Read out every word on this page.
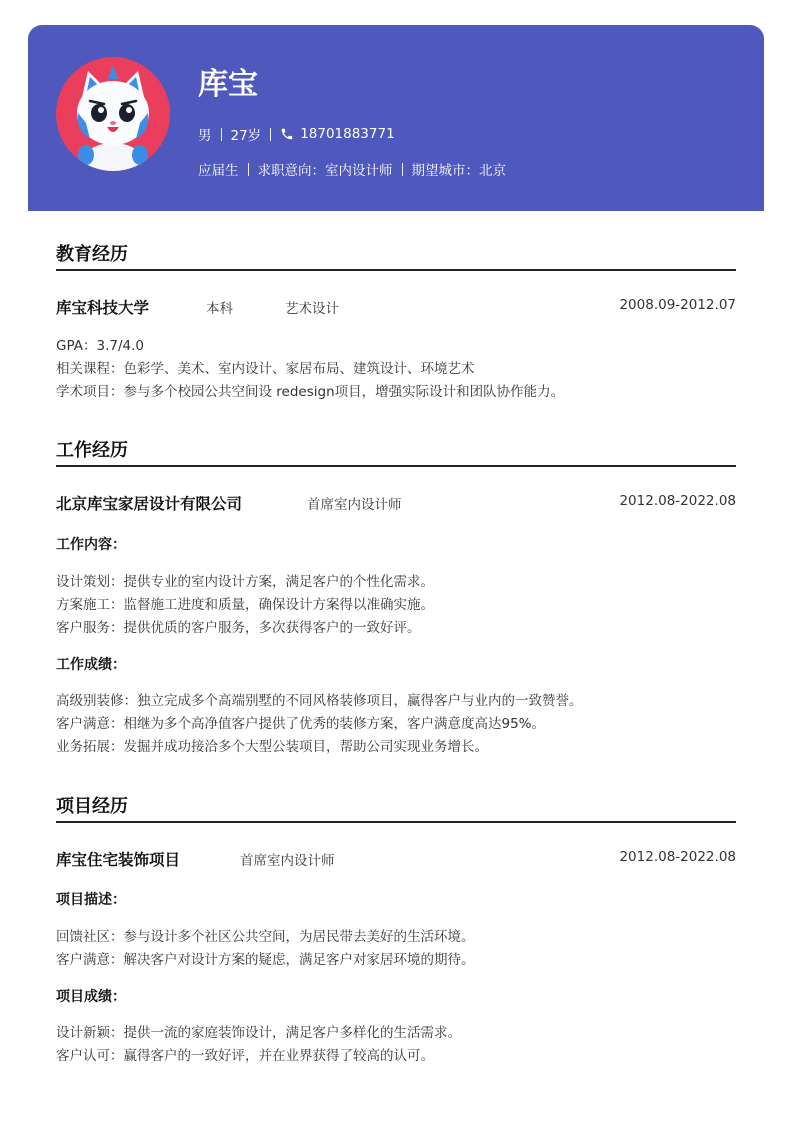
库宝
男 27岁	18701883771
应届生 求职意向：室内设计师 期望城市：北京
教育经历
库宝科技大学	本科	艺术设计	2008.09-2012.07
GPA：3.7/4.0
相关课程：色彩学、美术、室内设计、家居布局、建筑设计、环境艺术
学术项目：参与多个校园公共空间设 redesign项目，增强实际设计和团队协作能力。
工作经历
北京库宝家居设计有限公司	首席室内设计师	2012.08-2022.08
工作内容：
设计策划：提供专业的室内设计方案，满足客户的个性化需求。
方案施工：监督施工进度和质量，确保设计方案得以准确实施。
客户服务：提供优质的客户服务，多次获得客户的一致好评。
工作成绩：
高级别装修：独立完成多个高端别墅的不同风格装修项目，赢得客户与业内的一致赞誉。
客户满意：相继为多个高净值客户提供了优秀的装修方案，客户满意度高达95%。
业务拓展：发掘并成功接洽多个大型公装项目，帮助公司实现业务增长。
项目经历
库宝住宅装饰项目	首席室内设计师	2012.08-2022.08
项目描述：
回馈社区：参与设计多个社区公共空间，为居民带去美好的生活环境。
客户满意：解决客户对设计方案的疑虑，满足客户对家居环境的期待。
项目成绩：
设计新颖：提供一流的家庭装饰设计，满足客户多样化的生活需求。
客户认可：赢得客户的一致好评，并在业界获得了较高的认可。
